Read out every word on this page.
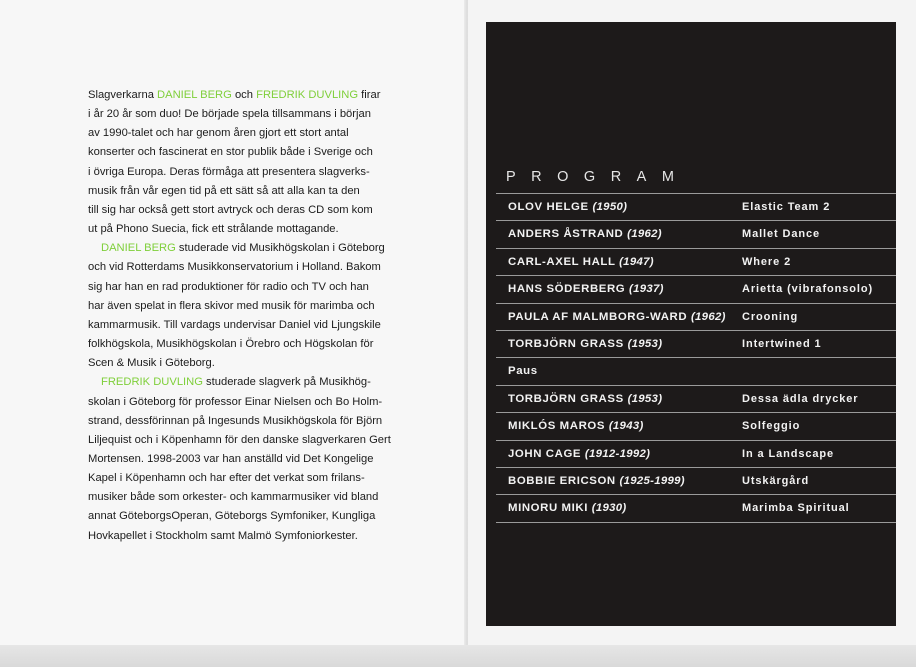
Slagverkarna DANIEL BERG och FREDRIK DUVLING firar
i år 20 år som duo! De började spela tillsammans i början
av 1990-talet och har genom åren gjort ett stort antal
konserter och fascinerat en stor publik både i Sverige och
i övriga Europa. Deras förmåga att presentera slagverks-
musik från vår egen tid på ett sätt så att alla kan ta den
till sig har också gett stort avtryck och deras CD som kom
ut på Phono Suecia, fick ett strålande mottagande.

DANIEL BERG studerade vid Musikhögskolan i Göteborg
och vid Rotterdams Musikkonservatorium i Holland. Bakom
sig har han en rad produktioner för radio och TV och han
har även spelat in flera skivor med musik för marimba och
kammarmusik. Till vardags undervisar Daniel vid Ljungskile
folkhögskola, Musikhögskolan i Örebro och Högskolan för
Scen & Musik i Göteborg.

FREDRIK DUVLING studerade slagverk på Musikhög-
skolan i Göteborg för professor Einar Nielsen och Bo Holm-
strand, dessförinnan på Ingesunds Musikhögskola för Björn
Liljequist och i Köpenhamn för den danske slagverkaren Gert
Mortensen. 1998-2003 var han anställd vid Det Kongelige
Kapel i Köpenhamn och har efter det verkat som frilans-
musiker både som orkester- och kammarmusiker vid bland
annat GöteborgsOperan, Göteborgs Symfoniker, Kungliga
Hovkapellet i Stockholm samt Malmö Symfoniorkester.

PROGRAM
OLOV HELGE (1950)	Elastic Team 2
ANDERS ÅSTRAND (1962)	Mallet Dance
CARL-AXEL HALL (1947)	Where 2
HANS SÖDERBERG (1937)	Arietta (vibrafonsolo)
PAULA AF MALMBORG-WARD (1962) Crooning
TORBJÖRN GRASS (1953)	Intertwined 1
Paus
TORBJÖRN GRASS (1953)	Dessa ädla drycker
MIKLÓS MAROS (1943)	Solfeggio
JOHN CAGE (1912-1992)	In a Landscape
BOBBIE ERICSON (1925-1999)	Utskärgård
MINORU MIKI (1930)	Marimba Spiritual
